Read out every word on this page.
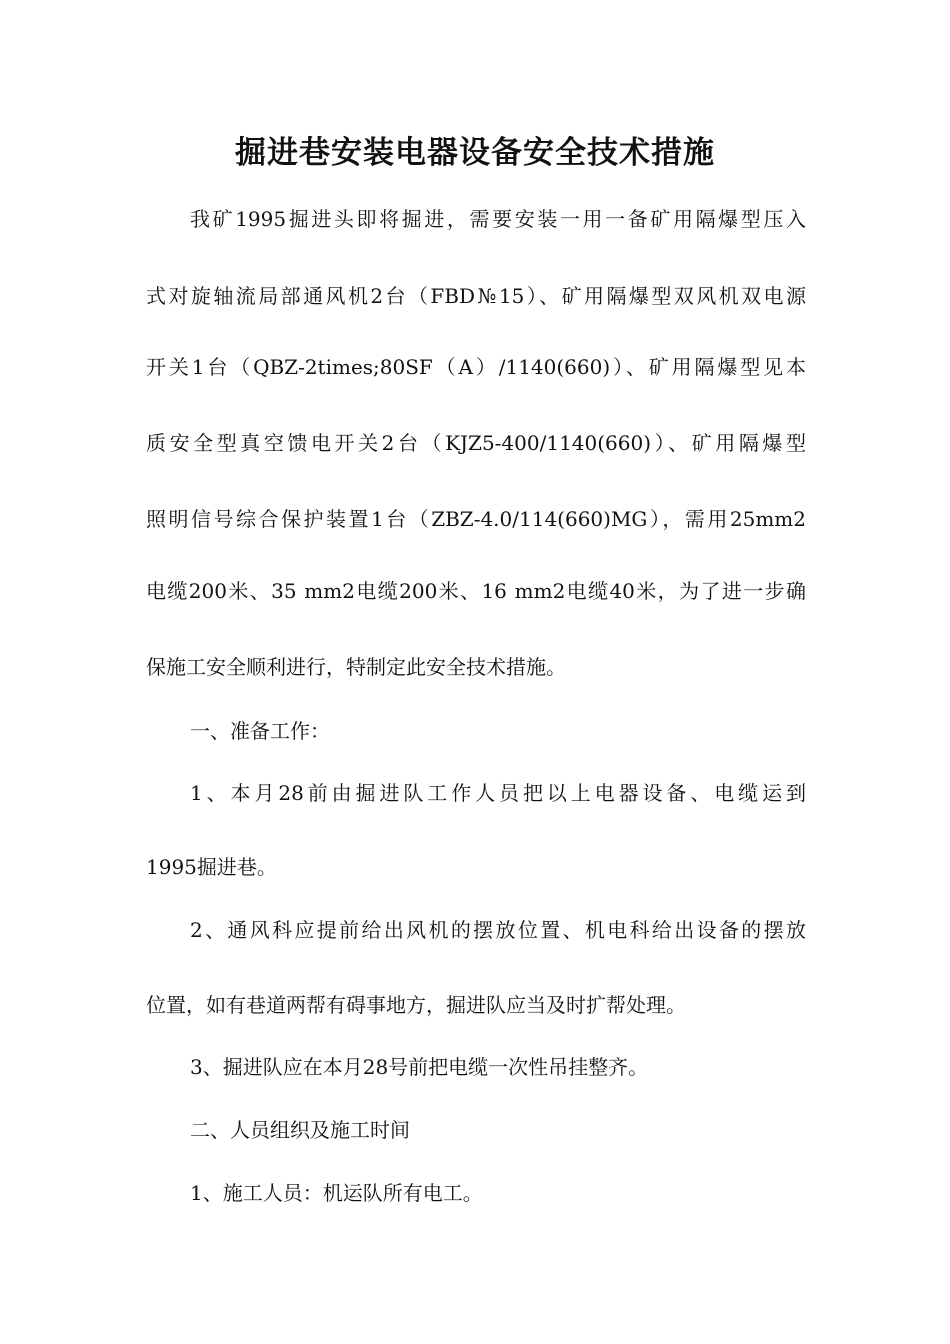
掘进巷安装电器设备安全技术措施

我矿1995掘进头即将掘进，需要安装一用一备矿用隔爆型压入

式对旋轴流局部通风机2台（FBD№15）、矿用隔爆型双风机双电源

开关1台（QBZ-2times;80SF（A）/1140(660)）、矿用隔爆型见本

质安全型真空馈电开关2台（KJZ5-400/1140(660)）、矿用隔爆型

照明信号综合保护装置1台（ZBZ-4.0/114(660)MG），需用25mm2

电缆200米、35 mm2电缆200米、16 mm2电缆40米，为了进一步确

保施工安全顺利进行，特制定此安全技术措施。

一、准备工作：

1、本月28前由掘进队工作人员把以上电器设备、电缆运到

1995掘进巷。

2、通风科应提前给出风机的摆放位置、机电科给出设备的摆放

位置，如有巷道两帮有碍事地方，掘进队应当及时扩帮处理。

3、掘进队应在本月28号前把电缆一次性吊挂整齐。

二、人员组织及施工时间

1、施工人员：机运队所有电工。
